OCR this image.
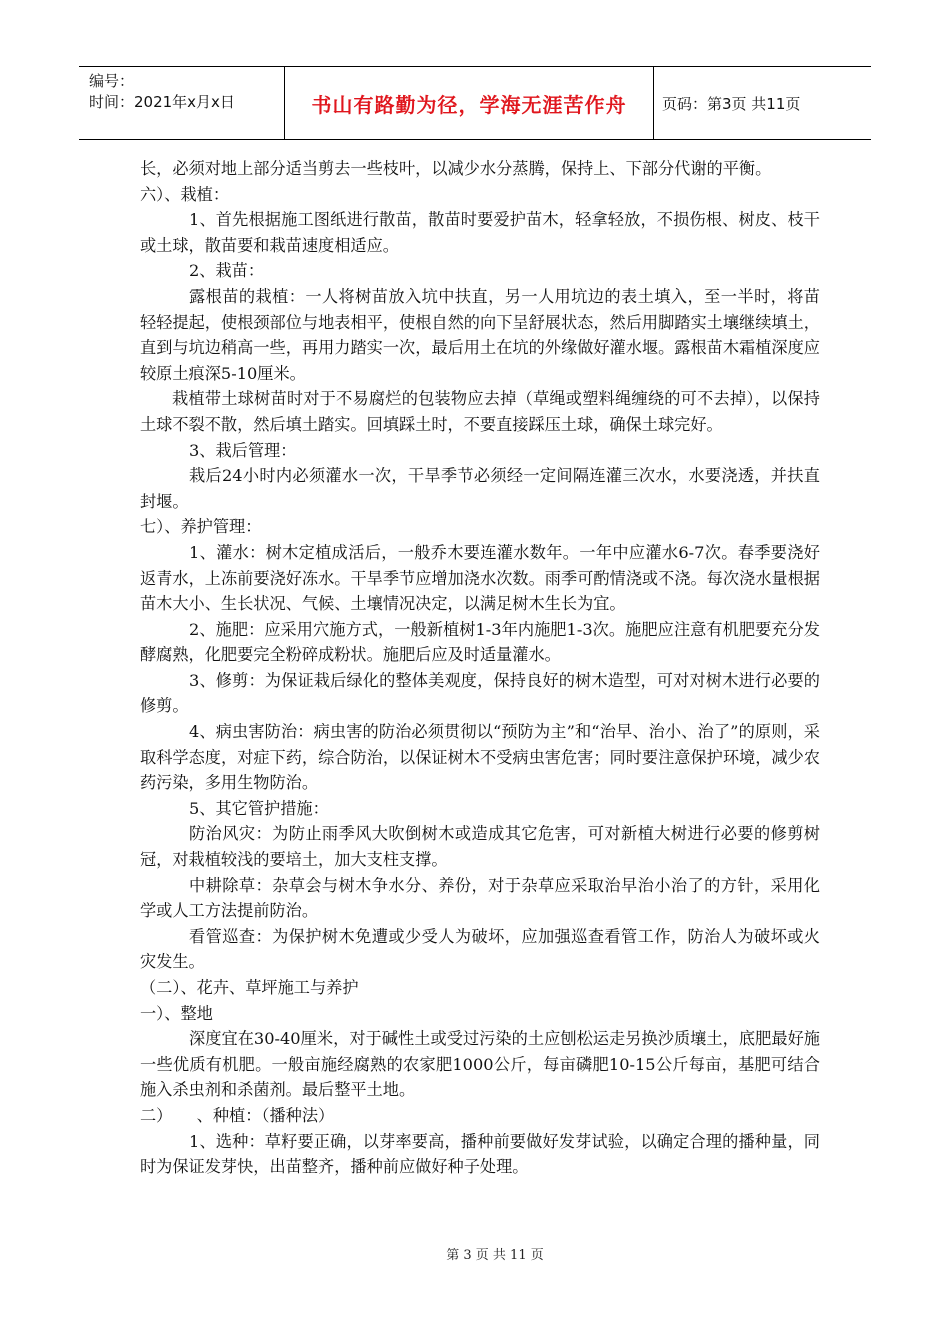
编号：
时间：2021年x月x日	书山有路勤为径，学海无涯苦作舟 页码：第3页 共11页

长，必须对地上部分适当剪去一些枝叶，以减少水分蒸腾，保持上、下部分代谢的平衡。

六）、栽植：

1、首先根据施工图纸进行散苗，散苗时要爱护苗木，轻拿轻放，不损伤根、树皮、枝干或土球，散苗要和栽苗速度相适应。

2、栽苗：

露根苗的栽植：一人将树苗放入坑中扶直，另一人用坑边的表土填入，至一半时，将苗轻轻提起，使根颈部位与地表相平，使根自然的向下呈舒展状态，然后用脚踏实土壤继续填土，直到与坑边稍高一些，再用力踏实一次，最后用土在坑的外缘做好灌水堰。露根苗木霜植深度应较原土痕深5-10厘米。

栽植带土球树苗时对于不易腐烂的包装物应去掉（草绳或塑料绳缠绕的可不去掉），以保持土球不裂不散，然后填土踏实。回填踩土时，不要直接踩压土球，确保土球完好。

3、栽后管理：

栽后24小时内必须灌水一次，干旱季节必须经一定间隔连灌三次水，水要浇透，并扶直封堰。

七）、养护管理：

1、灌水：树木定植成活后，一般乔木要连灌水数年。一年中应灌水6-7次。春季要浇好返青水，上冻前要浇好冻水。干旱季节应增加浇水次数。雨季可酌情浇或不浇。每次浇水量根据苗木大小、生长状况、气候、土壤情况决定，以满足树木生长为宜。

2、施肥：应采用穴施方式，一般新植树1-3年内施肥1-3次。施肥应注意有机肥要充分发酵腐熟，化肥要完全粉碎成粉状。施肥后应及时适量灌水。

3、修剪：为保证栽后绿化的整体美观度，保持良好的树木造型，可对对树木进行必要的修剪。

4、病虫害防治：病虫害的防治必须贯彻以“预防为主”和“治早、治小、治了”的原则，采取科学态度，对症下药，综合防治，以保证树木不受病虫害危害；同时要注意保护环境，减少农药污染，多用生物防治。

5、其它管护措施：

防治风灾：为防止雨季风大吹倒树木或造成其它危害，可对新植大树进行必要的修剪树冠，对栽植较浅的要培土，加大支柱支撑。

中耕除草：杂草会与树木争水分、养份，对于杂草应采取治早治小治了的方针，采用化学或人工方法提前防治。

看管巡查：为保护树木免遭或少受人为破坏，应加强巡查看管工作，防治人为破坏或火灾发生。

（二）、花卉、草坪施工与养护

一）、整地

深度宜在30-40厘米，对于碱性土或受过污染的土应刨松运走另换沙质壤土，底肥最好施一些优质有机肥。一般亩施经腐熟的农家肥1000公斤，每亩磷肥10-15公斤每亩，基肥可结合施入杀虫剂和杀菌剂。最后整平土地。

二）　　、种植：（播种法）

1、选种：草籽要正确，以芽率要高，播种前要做好发芽试验，以确定合理的播种量，同时为保证发芽快，出苗整齐，播种前应做好种子处理。

第 3 页 共 11 页
